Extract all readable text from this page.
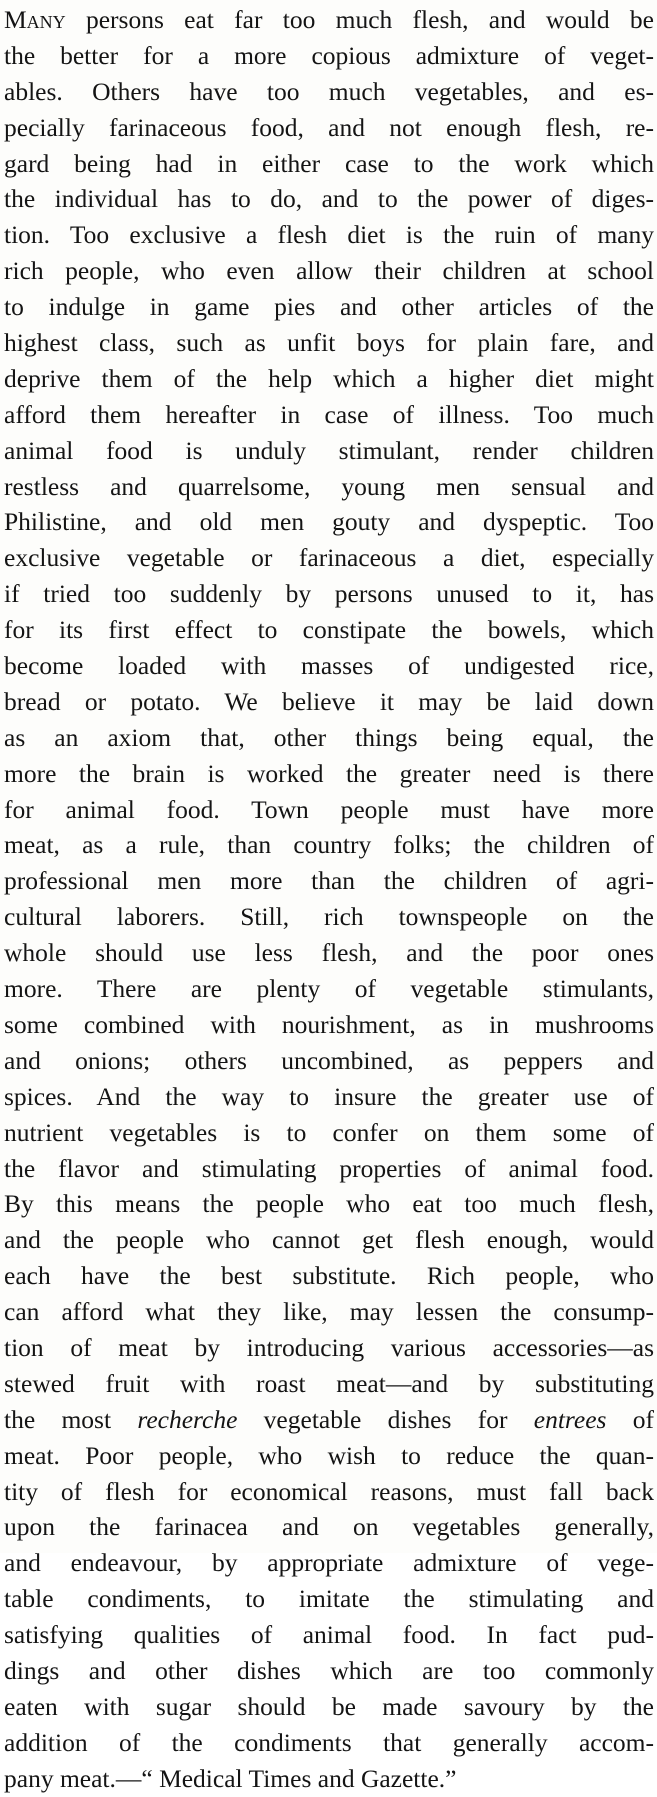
Many persons eat far too much flesh, and would be
the better for a more copious admixture of veget-
ables. Others have too much vegetables, and es-
pecially farinaceous food, and not enough flesh, re-
gard being had in either case to the work which
the individual has to do, and to the power of diges-
tion. Too exclusive a flesh diet is the ruin of many
rich people, who even allow their children at school
to indulge in game pies and other articles of the
highest class, such as unfit boys for plain fare, and
deprive them of the help which a higher diet might
afford them hereafter in case of illness. Too much
animal food is unduly stimulant, render children
restless and quarrelsome, young men sensual and
Philistine, and old men gouty and dyspeptic. Too
exclusive vegetable or farinaceous a diet, especially
if tried too suddenly by persons unused to it, has
for its first effect to constipate the bowels, which
become loaded with masses of undigested rice,
bread or potato. We believe it may be laid down
as an axiom that, other things being equal, the
more the brain is worked the greater need is there
for animal food. Town people must have more
meat, as a rule, than country folks; the children of
professional men more than the children of agri-
cultural laborers. Still, rich townspeople on the
whole should use less flesh, and the poor ones
more. There are plenty of vegetable stimulants,
some combined with nourishment, as in mushrooms
and onions; others uncombined, as peppers and
spices. And the way to insure the greater use of
nutrient vegetables is to confer on them some of
the flavor and stimulating properties of animal food.
By this means the people who eat too much flesh,
and the people who cannot get flesh enough, would
each have the best substitute. Rich people, who
can afford what they like, may lessen the consump-
tion of meat by introducing various accessories—as
stewed fruit with roast meat—and by substituting
the most recherche vegetable dishes for entrees of
meat. Poor people, who wish to reduce the quan-
tity of flesh for economical reasons, must fall back
upon the farinacea and on vegetables generally,
and endeavour, by appropriate admixture of vege-
table condiments, to imitate the stimulating and
satisfying qualities of animal food. In fact pud-
dings and other dishes which are too commonly
eaten with sugar should be made savoury by the
addition of the condiments that generally accom-
pany meat.—“ Medical Times and Gazette.”
